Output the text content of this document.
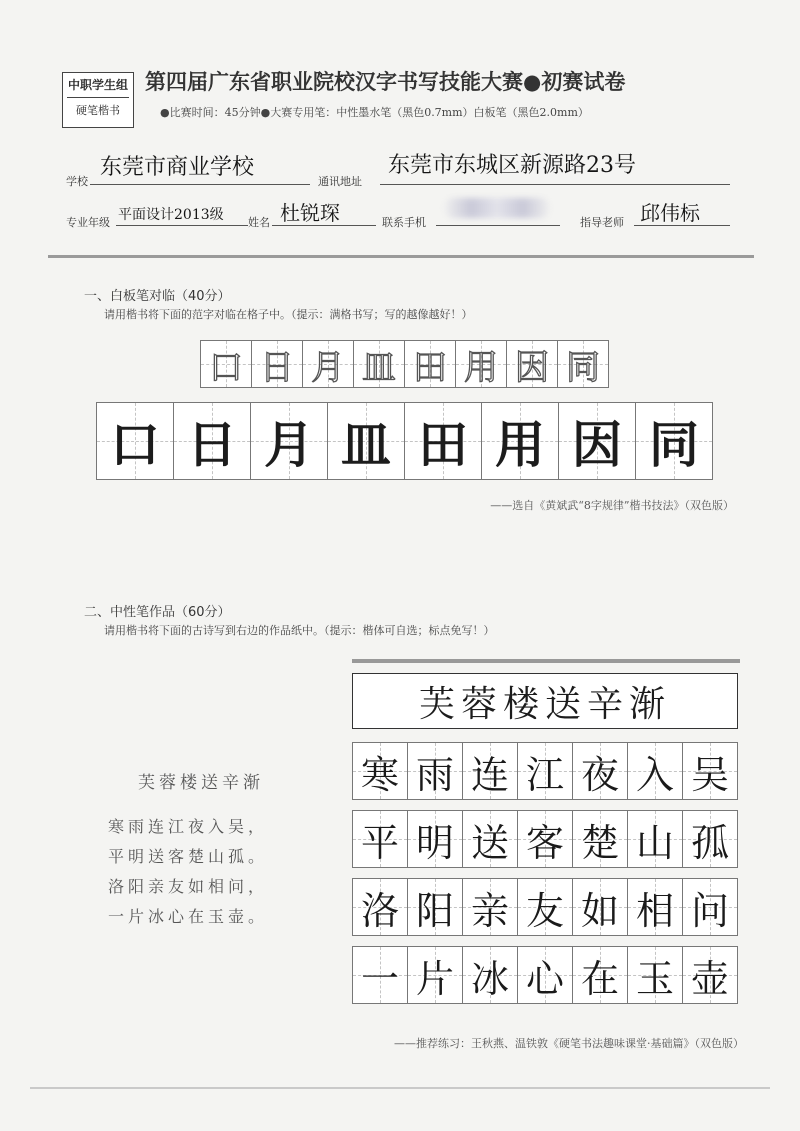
中职学生组
硬笔楷书
第四届广东省职业院校汉字书写技能大赛●初赛试卷
●比赛时间：45分钟●大赛专用笔：中性墨水笔（黑色0.7mm）白板笔（黑色2.0mm）
学校
东莞市商业学校
通讯地址
东莞市东城区新源路23号
专业年级 平面设计2013级 姓名 杜锐琛	联系手机	指导老师 邱伟标
一、白板笔对临（40分）
请用楷书将下面的范字对临在格子中。（提示：满格书写；写的越像越好！）
口 日 月 皿 田 用 因 同
口 日 月 皿 田 用 因 同
——选自《黄斌武“8字规律”楷书技法》（双色版）
二、中性笔作品（60分）
请用楷书将下面的古诗写到右边的作品纸中。（提示：楷体可自选；标点免写！）
芙蓉楼送辛渐
寒雨连江夜入吴，
平明送客楚山孤。
洛阳亲友如相问，
一片冰心在玉壶。
芙蓉楼送辛渐
寒 雨 连 江 夜 入 吴
平 明 送 客 楚 山 孤
洛 阳 亲 友 如 相 问
一 片 冰 心 在 玉 壶
——推荐练习：王秋燕、温铁敦《硬笔书法趣味课堂·基础篇》（双色版）
